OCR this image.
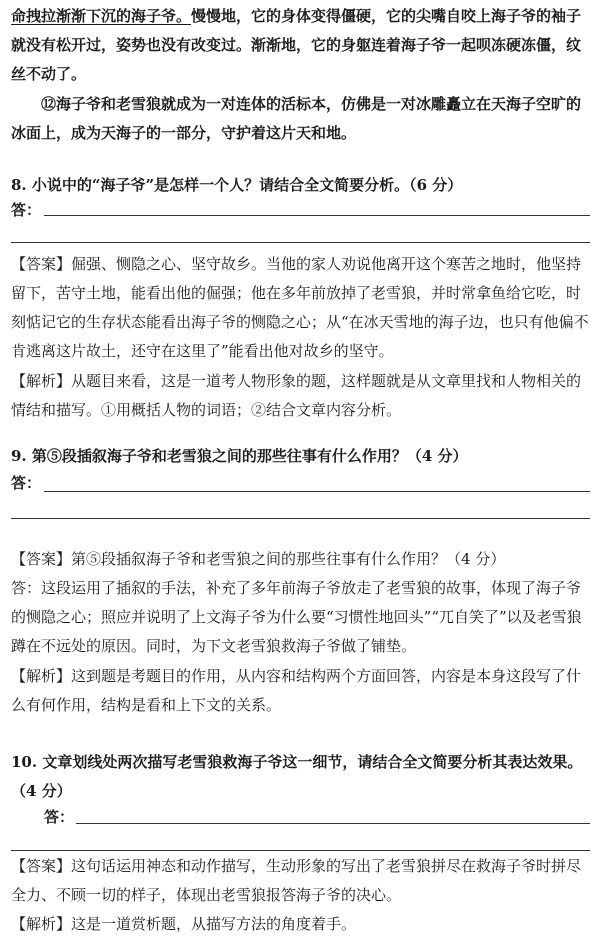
命拽拉渐渐下沉的海子爷。慢慢地，它的身体变得僵硬，它的尖嘴自咬上海子爷的袖子就没有松开过，姿势也没有改变过。渐渐地，它的身躯连着海子爷一起呗冻硬冻僵，纹丝不动了。
⑫海子爷和老雪狼就成为一对连体的活标本，仿佛是一对冰雕矗立在天海子空旷的冰面上，成为天海子的一部分，守护着这片天和地。
8. 小说中的“海子爷”是怎样一个人？请结合全文简要分析。（6 分）
答：
【答案】倔强、恻隐之心、坚守故乡。当他的家人劝说他离开这个寒苦之地时，他坚持留下，苦守土地，能看出他的倔强；他在多年前放掉了老雪狼，并时常拿鱼给它吃，时刻惦记它的生存状态能看出海子爷的恻隐之心；从“在冰天雪地的海子边，也只有他偏不肯逃离这片故土，还守在这里了”能看出他对故乡的坚守。
【解析】从题目来看，这是一道考人物形象的题，这样题就是从文章里找和人物相关的情结和描写。①用概括人物的词语；②结合文章内容分析。
9. 第⑤段插叙海子爷和老雪狼之间的那些往事有什么作用？（4 分）
答：
【答案】第⑤段插叙海子爷和老雪狼之间的那些往事有什么作用？（4 分）
答：这段运用了插叙的手法，补充了多年前海子爷放走了老雪狼的故事，体现了海子爷的恻隐之心；照应并说明了上文海子爷为什么要“习惯性地回头”“兀自笑了”以及老雪狼蹲在不远处的原因。同时，为下文老雪狼救海子爷做了铺垫。
【解析】这到题是考题目的作用，从内容和结构两个方面回答，内容是本身这段写了什么有何作用，结构是看和上下文的关系。
10. 文章划线处两次描写老雪狼救海子爷这一细节，请结合全文简要分析其表达效果。（4 分）
答：
【答案】这句话运用神态和动作描写，生动形象的写出了老雪狼拼尽在救海子爷时拼尽全力、不顾一切的样子，体现出老雪狼报答海子爷的决心。
【解析】这是一道赏析题，从描写方法的角度着手。
